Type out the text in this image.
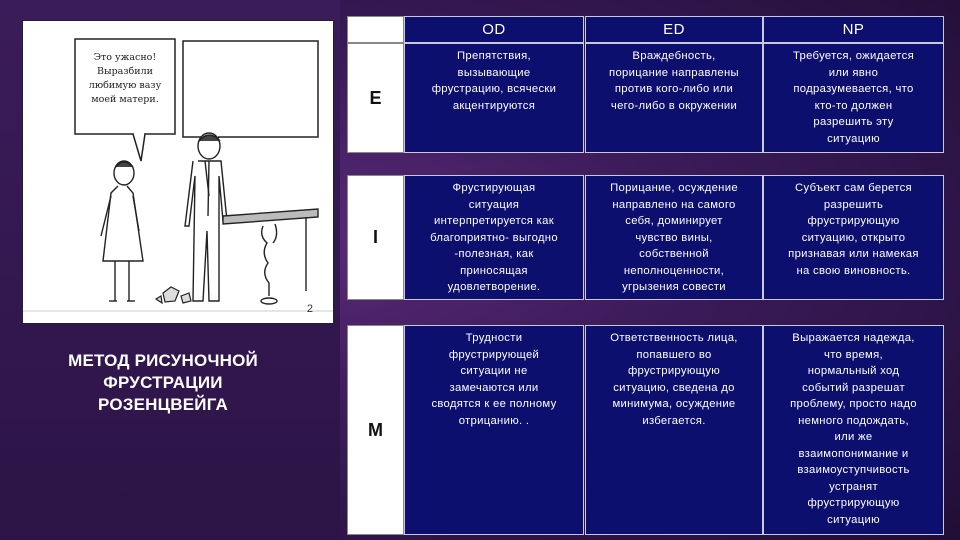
Это ужасно! Выразбили любимую вазу моей матери.
2
МЕТОД РИСУНОЧНОЙ ФРУСТРАЦИИ РОЗЕНЦВЕЙГА
OD	ED	NP
E
Препятствия,
вызывающие
фрустрацию, всячески
акцентируются
Враждебность,
порицание направлены
против кого-либо или
чего-либо в окружении
Требуется, ожидается
или явно
подразумевается, что
кто-то должен
разрешить эту
ситуацию
I
Фрустирующая
ситуация
интерпретируется как
благоприятно- выгодно
-полезная, как
приносящая
удовлетворение.
Порицание, осуждение
направлено на самого
себя, доминирует
чувство вины,
собственной
неполноценности,
угрызения совести
Субъект сам берется
разрешить
фрустрирующую
ситуацию, открыто
признавая или намекая
на свою виновность.
M
Трудности
фрустрирующей
ситуации не
замечаются или
сводятся к ее полному
отрицанию. .
Ответственность лица,
попавшего во
фрустрирующую
ситуацию, сведена до
минимума, осуждение
избегается.
Выражается надежда,
что время,
нормальный ход
событий разрешат
проблему, просто надо
немного подождать,
или же
взаимопонимание и
взаимоуступчивость
устранят
фрустрирующую
ситуацию
